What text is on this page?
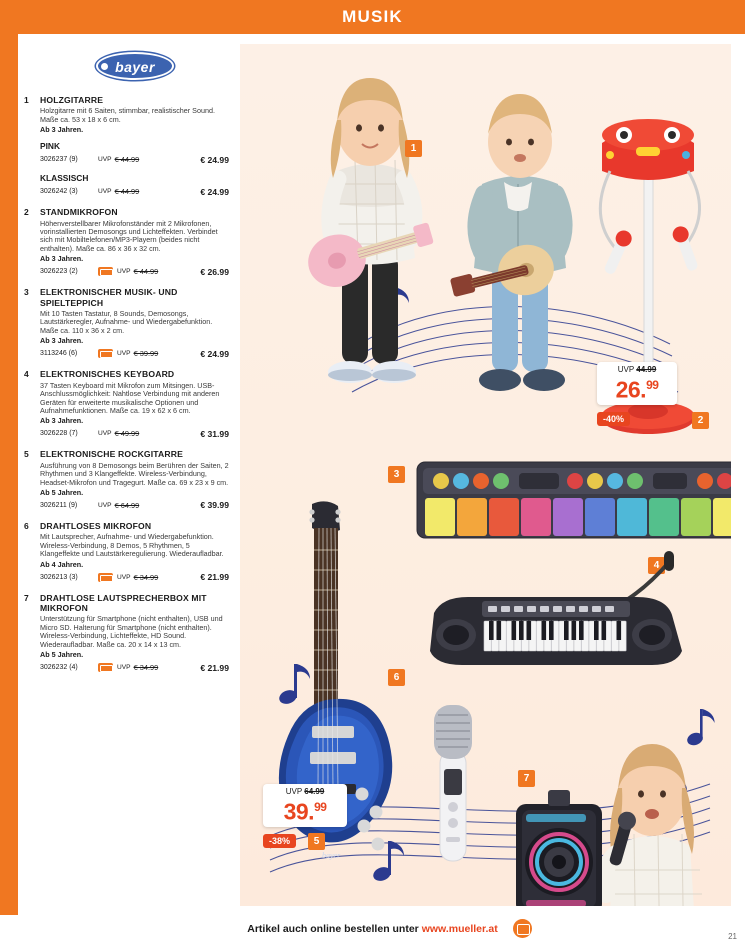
MUSIK
bayer
1 HOLZGITARRE
Holzgitarre mit 6 Saiten, stimmbar, realistischer Sound. Maße ca. 53 x 18 x 6 cm.
Ab 3 Jahren.
PINK
3026237 (9)	UVP € 44.99	€ 24.99
KLASSISCH
3026242 (3)	UVP € 44.99	€ 24.99
2 STANDMIKROFON
Höhenverstellbarer Mikrofonständer mit 2 Mikrofonen, vorinstallierten Demosongs und Lichteffekten. Verbindet sich mit Mobiltelefonen/MP3-Playern (beides nicht enthalten). Maße ca. 86 x 36 x 32 cm.
Ab 3 Jahren.
3026223 (2)	UVP € 44.99	€ 26.99
3 ELEKTRONISCHER MUSIK- UND SPIELTEPPICH
Mit 10 Tasten Tastatur, 8 Sounds, Demosongs, Lautstärkeregler, Aufnahme- und Wiedergabefunktion. Maße ca. 110 x 36 x 2 cm.
Ab 3 Jahren.
3113246 (6)	UVP € 39.99	€ 24.99
4 ELEKTRONISCHES KEYBOARD
37 Tasten Keyboard mit Mikrofon zum Mitsingen. USB-Anschlussmöglichkeit: Nahtlose Verbindung mit anderen Geräten für erweiterte musikalische Optionen und Aufnahmefunktionen. Maße ca. 19 x 62 x 6 cm.
Ab 3 Jahren.
3026228 (7)	UVP € 49.99	€ 31.99
5 ELEKTRONISCHE ROCKGITARRE
Ausführung von 8 Demosongs beim Berühren der Saiten, 2 Rhythmen und 3 Klangeffekte. Wireless-Verbindung, Headset-Mikrofon und Tragegurt. Maße ca. 69 x 23 x 9 cm.
Ab 5 Jahren.
3026211 (9)	UVP € 64.99	€ 39.99
6 DRAHTLOSES MIKROFON
Mit Lautsprecher, Aufnahme- und Wiedergabefunktion. Wireless-Verbindung, 8 Demos, 5 Rhythmen, 5 Klangeffekte und Lautstärkeregulierung. Wiederaufladbar.
Ab 4 Jahren.
3026213 (3)	UVP € 34.99	€ 21.99
7 DRAHTLOSE LAUTSPRECHERBOX MIT MIKROFON
Unterstützung für Smartphone (nicht enthalten), USB und Micro SD. Halterung für Smartphone (nicht enthalten). Wireless-Verbindung, Lichteffekte, HD Sound. Wiederaufladbar. Maße ca. 20 x 14 x 13 cm.
Ab 5 Jahren.
3026232 (4)	UVP € 34.99	€ 21.99
1
UVP 44.99
26.99
-40%	2
3
4
bayer
UVP 64.99
39.99
-38%	5
6
7
Artikel auch online bestellen unter www.mueller.at
21
